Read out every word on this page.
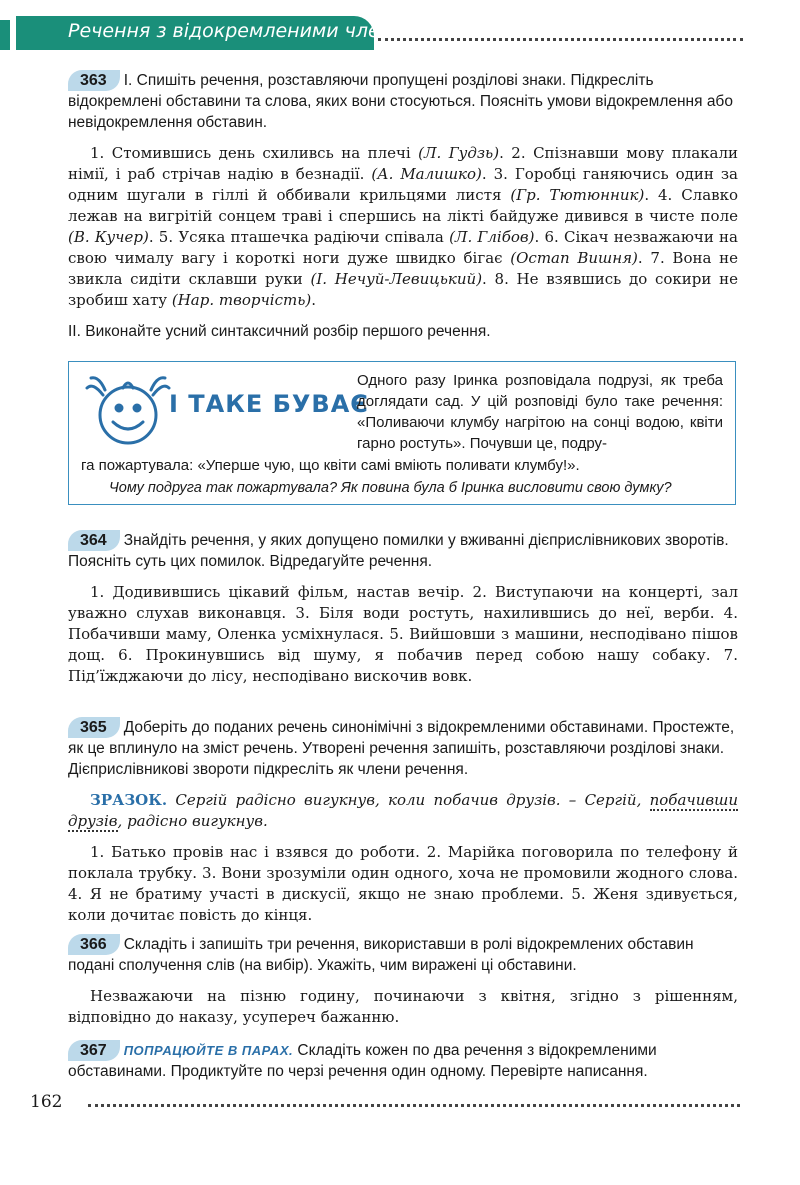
Речення з відокремленими членами
363 I. Спишіть речення, розставляючи пропущені розділові знаки. Підкресліть відокремлені обставини та слова, яких вони стосуються. Поясніть умови відокремлення або невідокремлення обставин.

1. Стомившись день схиливсь на плечі (Л. Гудзь). 2. Спізнавши мову плакали німії, і раб стрічав надію в безнадії. (А. Малишко). 3. Горобці ганяючись один за одним шугали в гіллі й оббивали крильцями листя (Гр. Тютюнник). 4. Славко лежав на вигрітій сонцем траві і спершись на лікті байдуже дивився в чисте поле (В. Кучер). 5. Усяка пташечка радіючи співала (Л. Глібов). 6. Сікач незважаючи на свою чималу вагу і короткі ноги дуже швидко бігає (Остап Вишня). 7. Вона не звикла сидіти склавши руки (І. Нечуй-Левицький). 8. Не взявшись до сокири не зробиш хату (Нар. творчість).

II. Виконайте усний синтаксичний розбір першого речення.
І ТАКЕ БУВАЄ
Одного разу Іринка розповідала подрузі, як треба доглядати сад. У цій розповіді було таке речення: «Поливаючи клумбу нагрітою на сонці водою, квіти гарно ростуть». Почувши це, подру-
га пожартувала: «Уперше чую, що квіти самі вміють поливати клумбу!».
Чому подруга так пожартувала? Як повина була б Іринка висловити свою думку?
364 Знайдіть речення, у яких допущено помилки у вживанні дієприслівникових зворотів. Поясніть суть цих помилок. Відредагуйте речення.

1. Додивившись цікавий фільм, настав вечір. 2. Виступаючи на концерті, зал уважно слухав виконавця. 3. Біля води ростуть, нахилившись до неї, верби. 4. Побачивши маму, Оленка усміхнулася. 5. Вийшовши з машини, несподівано пішов дощ. 6. Прокинувшись від шуму, я побачив перед собою нашу собаку. 7. Під’їжджаючи до лісу, несподівано вискочив вовк.

365 Доберіть до поданих речень синонімічні з відокремленими обставинами. Простежте, як це вплинуло на зміст речень. Утворені речення запишіть, розставляючи розділові знаки. Дієприслівникові звороти підкресліть як члени речення.

ЗРАЗОК. Сергій радісно вигукнув, коли побачив друзів. – Сергій, побачивши друзів, радісно вигукнув.

1. Батько провів нас і взявся до роботи. 2. Марійка поговорила по телефону й поклала трубку. 3. Вони зрозуміли один одного, хоча не промовили жодного слова. 4. Я не братиму участі в дискусії, якщо не знаю проблеми. 5. Женя здивується, коли дочитає повість до кінця.

366 Складіть і запишіть три речення, використавши в ролі відокремлених обставин подані сполучення слів (на вибір). Укажіть, чим виражені ці обставини.

Незважаючи на пізню годину, починаючи з квітня, згідно з рішенням, відповідно до наказу, усупереч бажанню.

367 ПОПРАЦЮЙТЕ В ПАРАХ. Складіть кожен по два речення з відокремленими обставинами. Продиктуйте по черзі речення один одному. Перевірте написання.
162
